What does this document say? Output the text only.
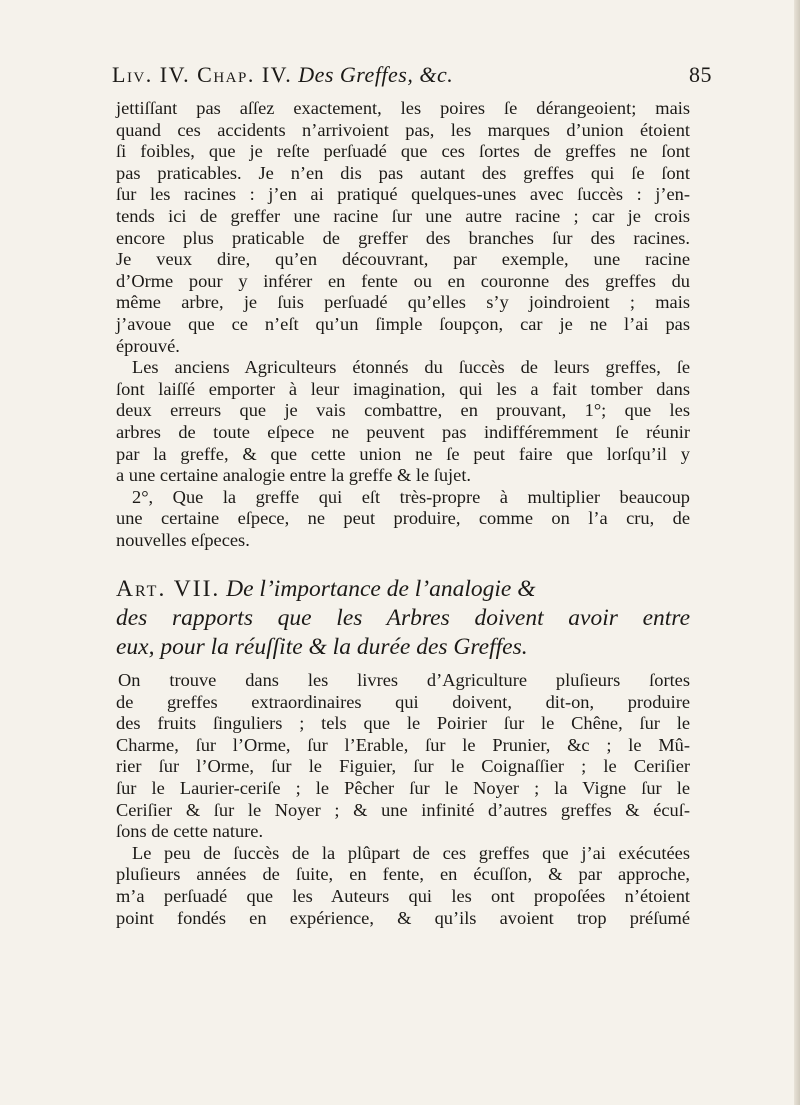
Liv. IV. Chap. IV. Des Greffes, &c.	85
jettiſſant pas aſſez exactement, les poires ſe dérangeoient; mais
quand ces accidents n’arrivoient pas, les marques d’union étoient
ſi foibles, que je reſte perſuadé que ces ſortes de greffes ne ſont
pas praticables. Je n’en dis pas autant des greffes qui ſe ſont
ſur les racines : j’en ai pratiqué quelques-unes avec ſuccès : j’en-
tends ici de greffer une racine ſur une autre racine ; car je crois
encore plus praticable de greffer des branches ſur des racines.
Je veux dire, qu’en découvrant, par exemple, une racine
d’Orme pour y inférer en fente ou en couronne des greffes du
même arbre, je ſuis perſuadé qu’elles s’y joindroient ; mais
j’avoue que ce n’eſt qu’un ſimple ſoupçon, car je ne l’ai pas
éprouvé.
Les anciens Agriculteurs étonnés du ſuccès de leurs greffes, ſe
ſont laiſſé emporter à leur imagination, qui les a fait tomber dans
deux erreurs que je vais combattre, en prouvant, 1°; que les
arbres de toute eſpece ne peuvent pas indifféremment ſe réunir
par la greffe, & que cette union ne ſe peut faire que lorſqu’il y
a une certaine analogie entre la greffe & le ſujet.
2°, Que la greffe qui eſt très-propre à multiplier beaucoup
une certaine eſpece, ne peut produire, comme on l’a cru, de
nouvelles eſpeces.
Art. VII. De l’importance de l’analogie &
des rapports que les Arbres doivent avoir entre
eux, pour la réuſſite & la durée des Greffes.
On trouve dans les livres d’Agriculture pluſieurs ſortes
de greffes extraordinaires qui doivent, dit-on, produire
des fruits ſinguliers ; tels que le Poirier ſur le Chêne, ſur le
Charme, ſur l’Orme, ſur l’Erable, ſur le Prunier, &c ; le Mû-
rier ſur l’Orme, ſur le Figuier, ſur le Coignaſſier ; le Ceriſier
ſur le Laurier-ceriſe ; le Pêcher ſur le Noyer ; la Vigne ſur le
Ceriſier & ſur le Noyer ; & une infinité d’autres greffes & écuſ-
ſons de cette nature.
Le peu de ſuccès de la plûpart de ces greffes que j’ai exécutées
pluſieurs années de ſuite, en fente, en écuſſon, & par approche,
m’a perſuadé que les Auteurs qui les ont propoſées n’étoient
point fondés en expérience, & qu’ils avoient trop préſumé
